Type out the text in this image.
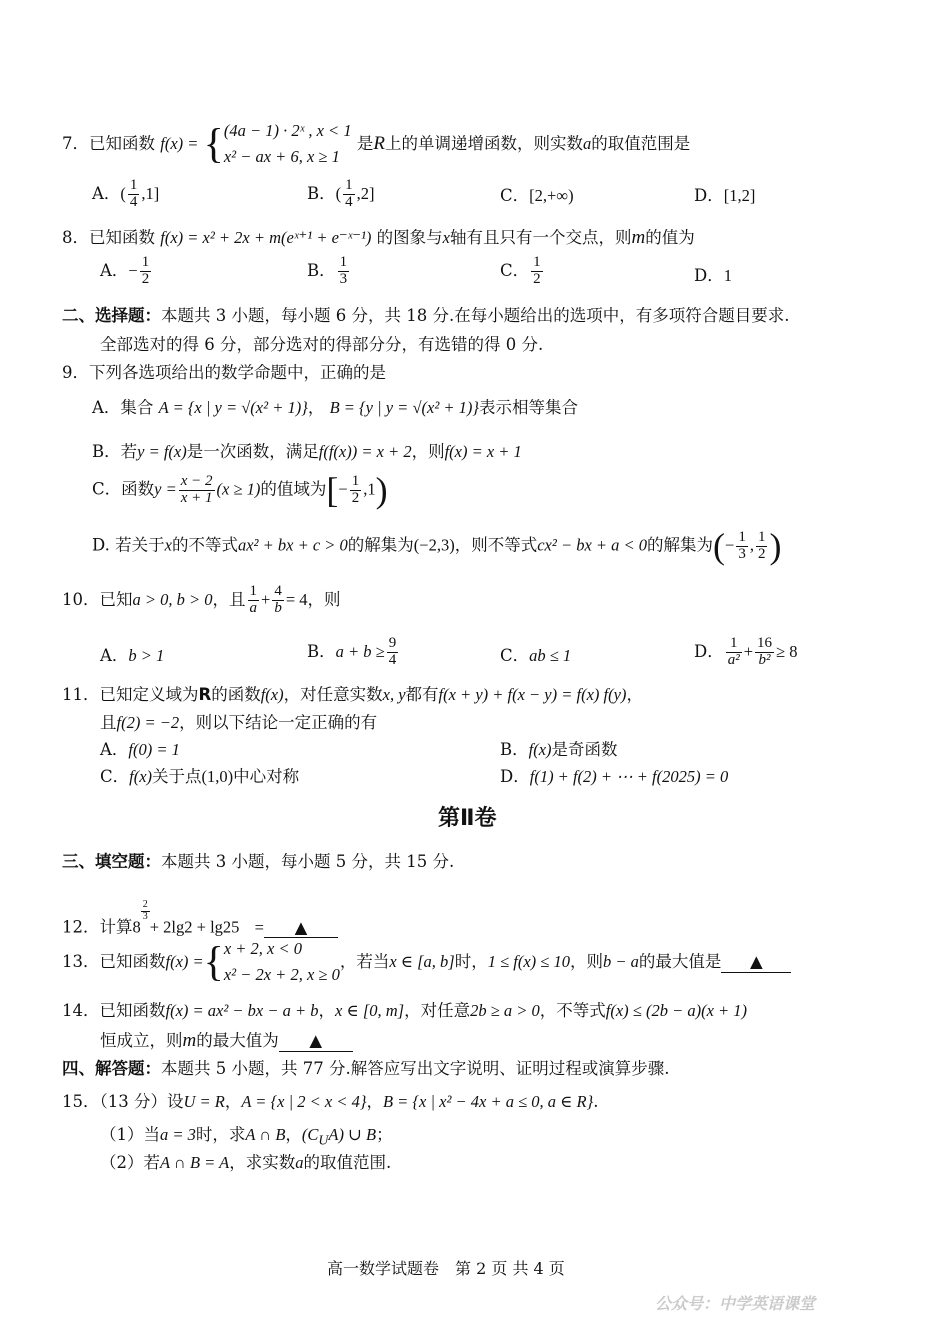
7．已知函数 f(x) = { (4a − 1) · 2ˣ , x < 1
x² − ax + 6, x ≥ 1
是R上的单调递增函数，则实数a的取值范围是
A．( $\frac{1}{4} ,1$]	B．( $\frac{1}{4} ,2$]	C．[2,+∞)	D．[1,2]
8．已知函数 f(x) = x² + 2x + m(eˣ⁺¹ + e⁻ˣ⁻¹) 的图象与x轴有且只有一个交点，则m的值为
A．− $\frac{1}{2}$	B． $\frac{1}{3}$	C． $\frac{1}{2}$	D．1
二、选择题：本题共 3 小题，每小题 6 分，共 18 分.在每小题给出的选项中，有多项符合题目要求.
全部选对的得 6 分，部分选对的得部分分，有选错的得 0 分.
9．下列各选项给出的数学命题中，正确的是
A．集合 A = {x | y = √(x² + 1)}， B = {y | y = √(x² + 1)}表示相等集合
B．若y = f(x)是一次函数，满足f(f(x)) = x + 2，则f(x) = x + 1
C．函数$y = \frac{x - 2}{x + 1} (x \ge 1)$的值域为[− $\frac{1}{2} ,1$)
D. 若关于x的不等式ax² + bx + c > 0的解集为(−2,3)，则不等式cx² − bx + a < 0的解集为(− $\frac{1}{3}$ , $\frac{1}{2}$ )
10．已知a > 0, b > 0，且 $\frac{1}{a} + \frac{4}{b} = 4$，则
A．b > 1	B．$a + b \ge \frac{9}{4}$	C．ab ≤ 1	D． $\frac{1}{\text{a²}} + \frac{16}{\text{b²}} \ge 8$
11．已知定义域为R的函数f(x)，对任意实数x, y都有f(x + y) + f(x − y) = f(x) f(y)，
且f(2) = −2，则以下结论一定正确的有
A．f(0) = 1	B．f(x)是奇函数
C．f(x)关于点(1,0)中心对称	D．f(1) + f(2) + ⋯ + f(2025) = 0
第Ⅱ卷
三、填空题：本题共 3 小题，每小题 5 分，共 15 分.
12．计算8
$\frac{2}{3}$
+ 2lg2 + lg25 = ▲
13．已知函数f(x) ={ x + 2, x < 0
x² − 2x + 2, x ≥ 0
，若当x ∈ [a, b]时，1 ≤ f(x) ≤ 10，则b − a的最大值是 ▲
14．已知函数f(x) = ax² − bx − a + b，x ∈ [0, m]，对任意2b ≥ a > 0，不等式f(x) ≤ (2b − a)(x + 1)
恒成立，则m的最大值为 ▲
四、解答题：本题共 5 小题，共 77 分.解答应写出文字说明、证明过程或演算步骤.
15．（13 分）设U = R，A = {x | 2 < x < 4}，B = {x | x² − 4x + a ≤ 0, a ∈ R}.
（1）当a = 3时，求A ∩ B，$(C_UA)$ ∪ B；
（2）若A ∩ B = A，求实数a的取值范围.
高一数学试题卷　第 2 页 共 4 页
公众号：中学英语课堂
